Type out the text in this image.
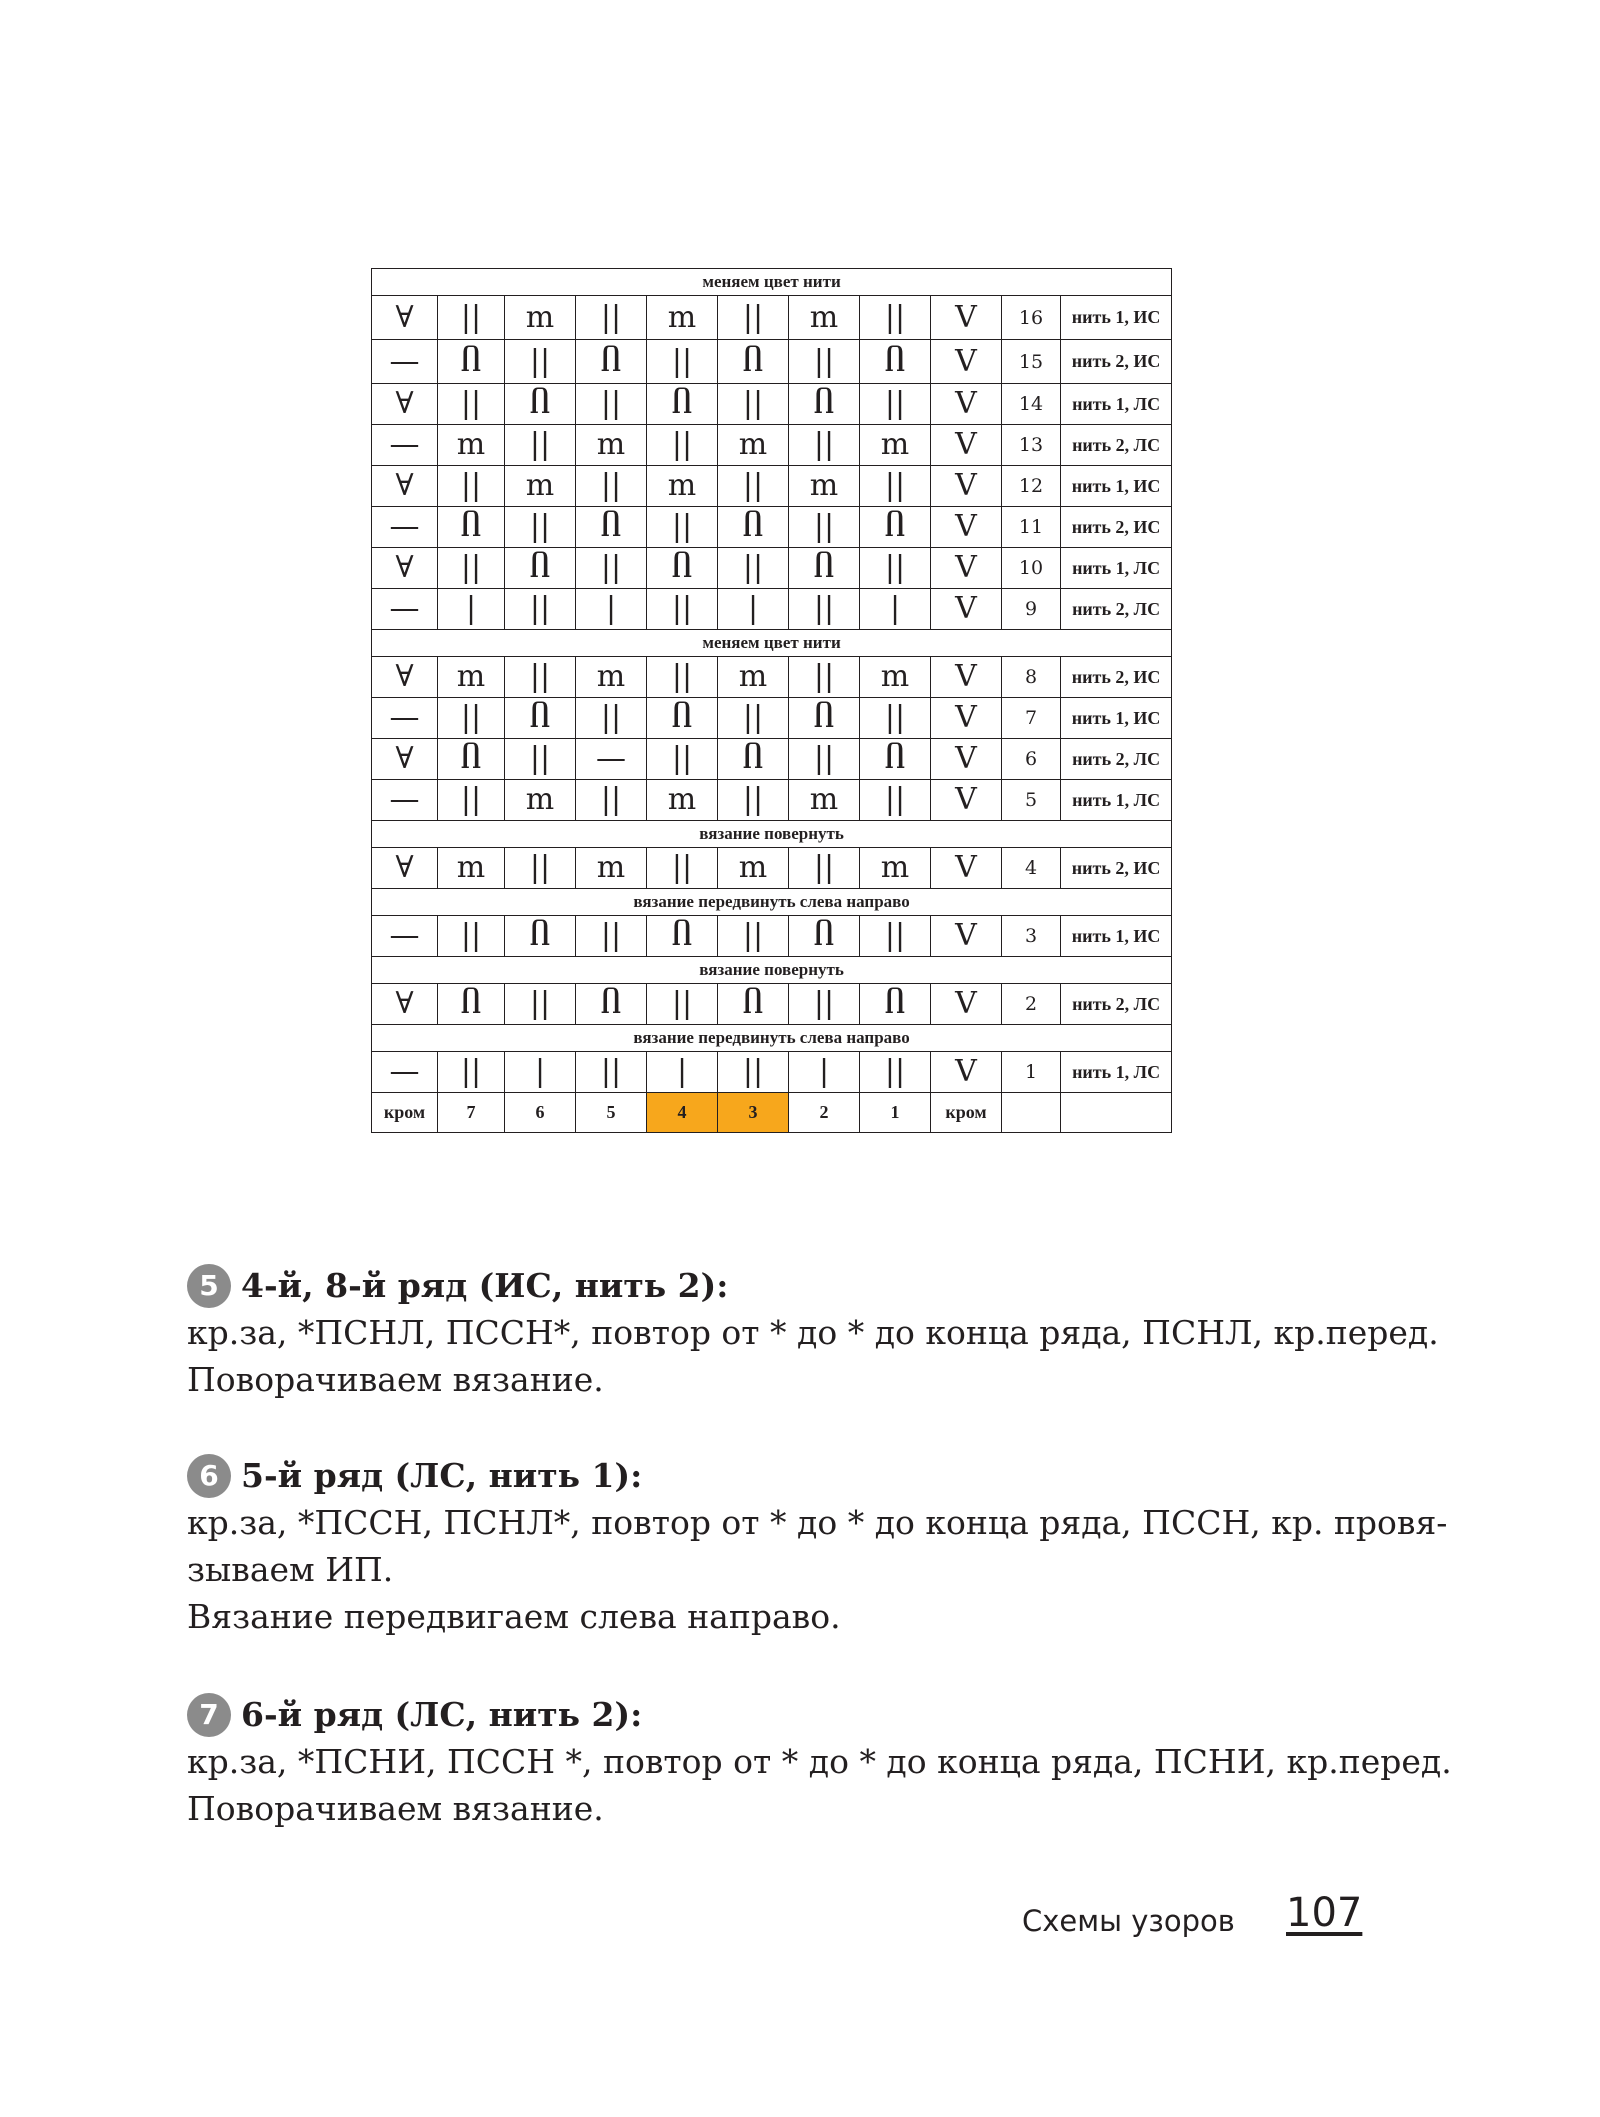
меняем цвет нити										
∀	||	ⅿ	||	ⅿ	||	ⅿ	||	V	16	нить 1, ИС
—	Ⴖ	||	Ⴖ	||	Ⴖ	||	Ⴖ	V	15	нить 2, ИС
∀	||	Ⴖ	||	Ⴖ	||	Ⴖ	||	V	14	нить 1, ЛС
—	ⅿ	||	ⅿ	||	ⅿ	||	ⅿ	V	13	нить 2, ЛС
∀	||	ⅿ	||	ⅿ	||	ⅿ	||	V	12	нить 1, ИС
—	Ⴖ	||	Ⴖ	||	Ⴖ	||	Ⴖ	V	11	нить 2, ИС
∀	||	Ⴖ	||	Ⴖ	||	Ⴖ	||	V	10	нить 1, ЛС
—	|	||	|	||	|	||	|	V	9	нить 2, ЛС
меняем цвет нити										
∀	ⅿ	||	ⅿ	||	ⅿ	||	ⅿ	V	8	нить 2, ИС
—	||	Ⴖ	||	Ⴖ	||	Ⴖ	||	V	7	нить 1, ИС
∀	Ⴖ	||	—	||	Ⴖ	||	Ⴖ	V	6	нить 2, ЛС
—	||	ⅿ	||	ⅿ	||	ⅿ	||	V	5	нить 1, ЛС
вязание повернуть										
∀	ⅿ	||	ⅿ	||	ⅿ	||	ⅿ	V	4	нить 2, ИС
вязание передвинуть слева направо										
—	||	Ⴖ	||	Ⴖ	||	Ⴖ	||	V	3	нить 1, ИС
вязание повернуть										
∀	Ⴖ	||	Ⴖ	||	Ⴖ	||	Ⴖ	V	2	нить 2, ЛС
вязание передвинуть слева направо										
—	||	|	||	|	||	|	||	V	1	нить 1, ЛС
кром	7	6	5	4	3	2	1	кром		
5 4-й, 8-й ряд (ИС, нить 2):
кр.за, *ПСНЛ, ПССН*, повтор от * до * до конца ряда, ПСНЛ, кр.перед.
Поворачиваем вязание.
6 5-й ряд (ЛС, нить 1):
кр.за, *ПССН, ПСНЛ*, повтор от * до * до конца ряда, ПССН, кр. провя-
зываем ИП.
Вязание передвигаем слева направо.
7 6-й ряд (ЛС, нить 2):
кр.за, *ПСНИ, ПССН *, повтор от * до * до конца ряда, ПСНИ, кр.перед.
Поворачиваем вязание.
Схемы узоров 107
